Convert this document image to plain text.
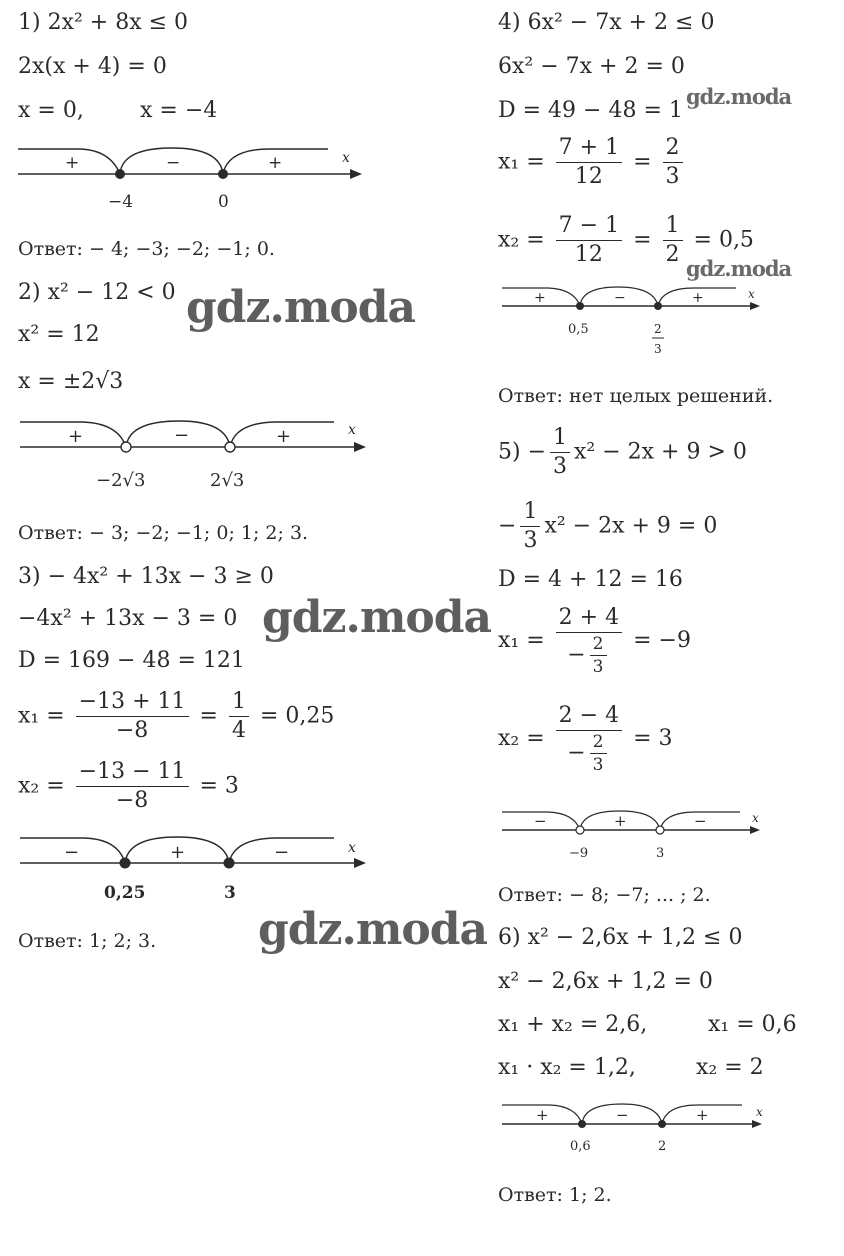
1) 2x² + 8x ≤ 0
2x(x + 4) = 0
x = 0,	x = −4
+	−	+	x
−4	0
Ответ: − 4; −3; −2; −1; 0.
2) x² − 12 < 0
x² = 12
x = ±2√3
+	−	+	x
−2√3	2√3
Ответ: − 3; −2; −1; 0; 1; 2; 3.
3) − 4x² + 13x − 3 ≥ 0
−4x² + 13x − 3 = 0
D = 169 − 48 = 121
$x_1 = \frac{-13 + 11}{-8} = \frac{1}{4} = 0,25$
$x_2 = \frac{-13 - 11}{-8} = 3$
−	+	−	x
0,25	3
Ответ: 1; 2; 3.
4) 6x² − 7x + 2 ≤ 0
6x² − 7x + 2 = 0
D = 49 − 48 = 1
$x_1 = \frac{7 + 1}{12} = \frac{2}{3}$
$x_2 = \frac{7 - 1}{12} = \frac{1}{2} = 0,5$
+	−	+	x
0,5	2
3
Ответ: нет целых решений.
$5) - \frac{1}{3} x^2 - 2x + 9 > 0$
− $\frac{1}{3} x^2 - 2x + 9 = 0$
D = 4 + 12 = 16
$x_1 = \frac{2 + 4}{- \frac{2}{3}} = -9$
$x_2 = \frac{2 - 4}{- \frac{2}{3}} = 3$
−	+	−	x
−9	3
Ответ: − 8; −7; ... ; 2.
6) x² − 2,6x + 1,2 ≤ 0
x² − 2,6x + 1,2 = 0
x₁ + x₂ = 2,6,	x₁ = 0,6
x₁ · x₂ = 1,2,	x₂ = 2
+	−	+	x
0,6	2
Ответ: 1; 2.
gdz.moda
gdz.moda
gdz.moda
gdz.moda
gdz.moda
